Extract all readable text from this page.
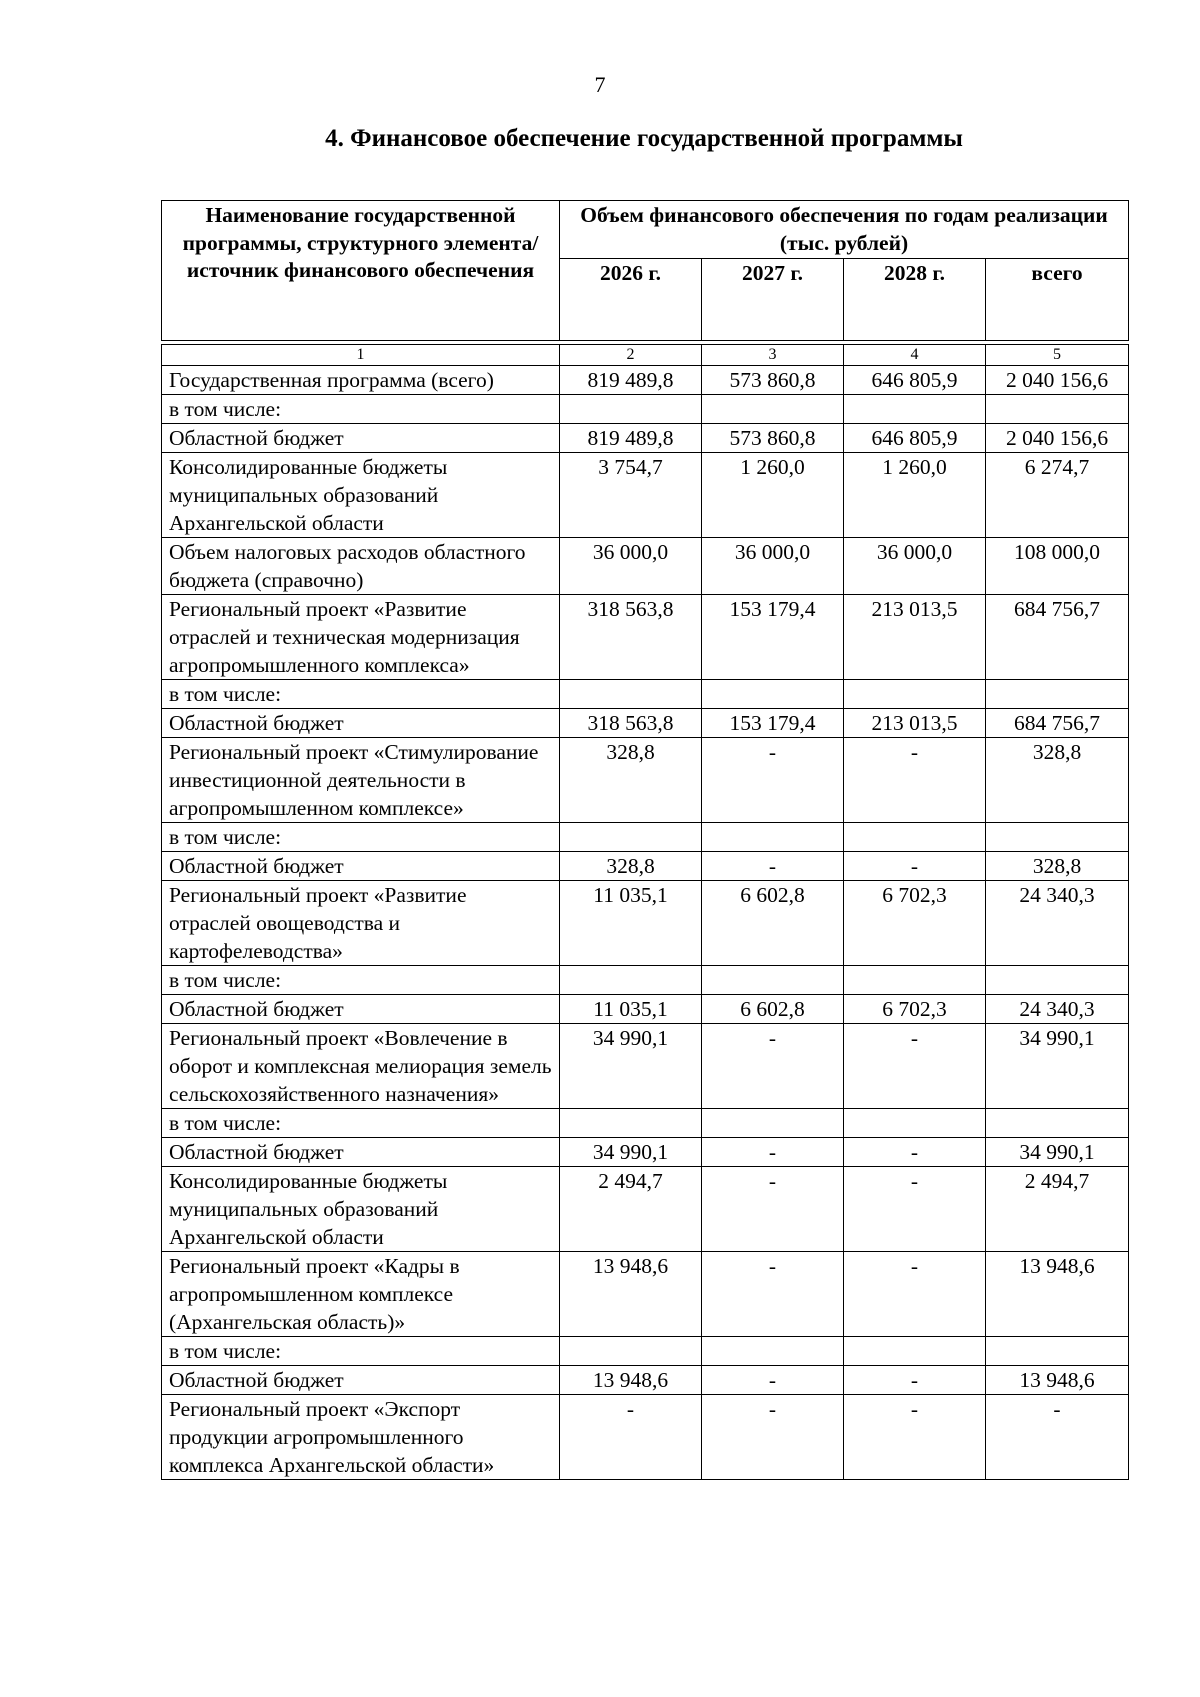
7
4. Финансовое обеспечение государственной программы
Наименование государственной программы, структурного элемента/ источник финансового обеспечения	Объем финансового обеспечения по годам реализации (тыс. рублей)			
	2026 г.	2027 г.	2028 г.	всего
1	2	3	4	5
Государственная программа (всего)	819 489,8	573 860,8	646 805,9	2 040 156,6
в том числе:				
Областной бюджет	819 489,8	573 860,8	646 805,9	2 040 156,6
Консолидированные бюджеты муниципальных образований Архангельской области	3 754,7	1 260,0	1 260,0	6 274,7
Объем налоговых расходов областного бюджета (справочно)	36 000,0	36 000,0	36 000,0	108 000,0
Региональный проект «Развитие отраслей и техническая модернизация агропромышленного комплекса»	318 563,8	153 179,4	213 013,5	684 756,7
в том числе:				
Областной бюджет	318 563,8	153 179,4	213 013,5	684 756,7
Региональный проект «Стимулирование инвестиционной деятельности в агропромышленном комплексе»	328,8	-	-	328,8
в том числе:				
Областной бюджет	328,8	-	-	328,8
Региональный проект «Развитие отраслей овощеводства и картофелеводства»	11 035,1	6 602,8	6 702,3	24 340,3
в том числе:				
Областной бюджет	11 035,1	6 602,8	6 702,3	24 340,3
Региональный проект «Вовлечение в оборот и комплексная мелиорация земель сельскохозяйственного назначения»	34 990,1	-	-	34 990,1
в том числе:				
Областной бюджет	34 990,1	-	-	34 990,1
Консолидированные бюджеты муниципальных образований Архангельской области	2 494,7	-	-	2 494,7
Региональный проект «Кадры в агропромышленном комплексе (Архангельская область)»	13 948,6	-	-	13 948,6
в том числе:				
Областной бюджет	13 948,6	-	-	13 948,6
Региональный проект «Экспорт продукции агропромышленного комплекса Архангельской области»	-	-	-	-
